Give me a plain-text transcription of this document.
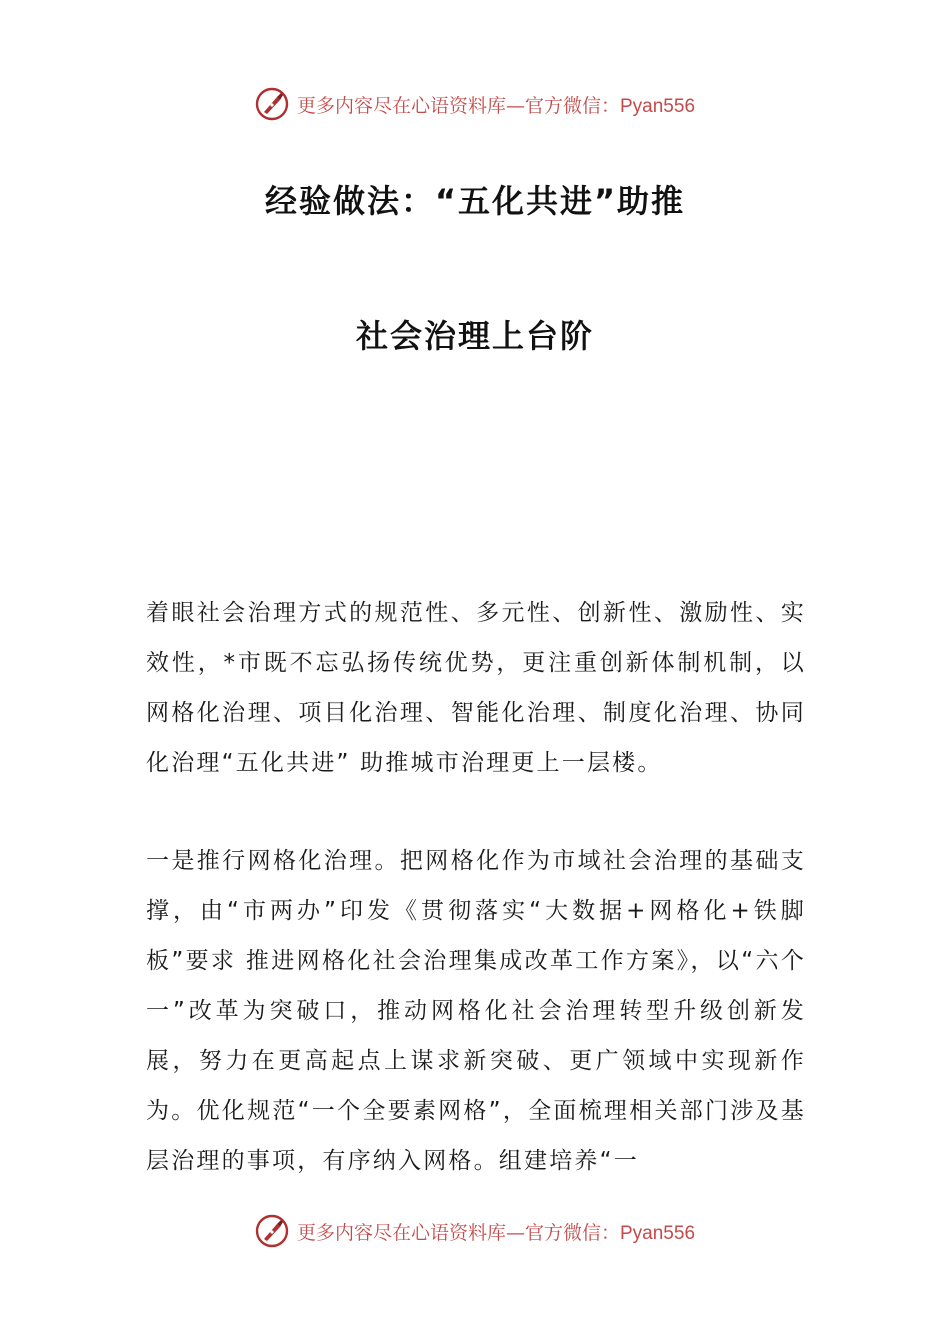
更多内容尽在心语资料库—官方微信：Pyan556
经验做法：“五化共进”助推
社会治理上台阶

着眼社会治理方式的规范性、多元性、创新性、激励性、实效性，*市既不忘弘扬传统优势，更注重创新体制机制，以网格化治理、项目化治理、智能化治理、制度化治理、协同化治理“五化共进” 助推城市治理更上一层楼。

一是推行网格化治理。把网格化作为市域社会治理的基础支撑，由“市两办”印发《贯彻落实“大数据+网格化+铁脚板”要求 推进网格化社会治理集成改革工作方案》，以“六个一”改革为突破口，推动网格化社会治理转型升级创新发展，努力在更高起点上谋求新突破、更广领域中实现新作为。优化规范“一个全要素网格”，全面梳理相关部门涉及基层治理的事项，有序纳入网格。组建培养“一

更多内容尽在心语资料库—官方微信：Pyan556
